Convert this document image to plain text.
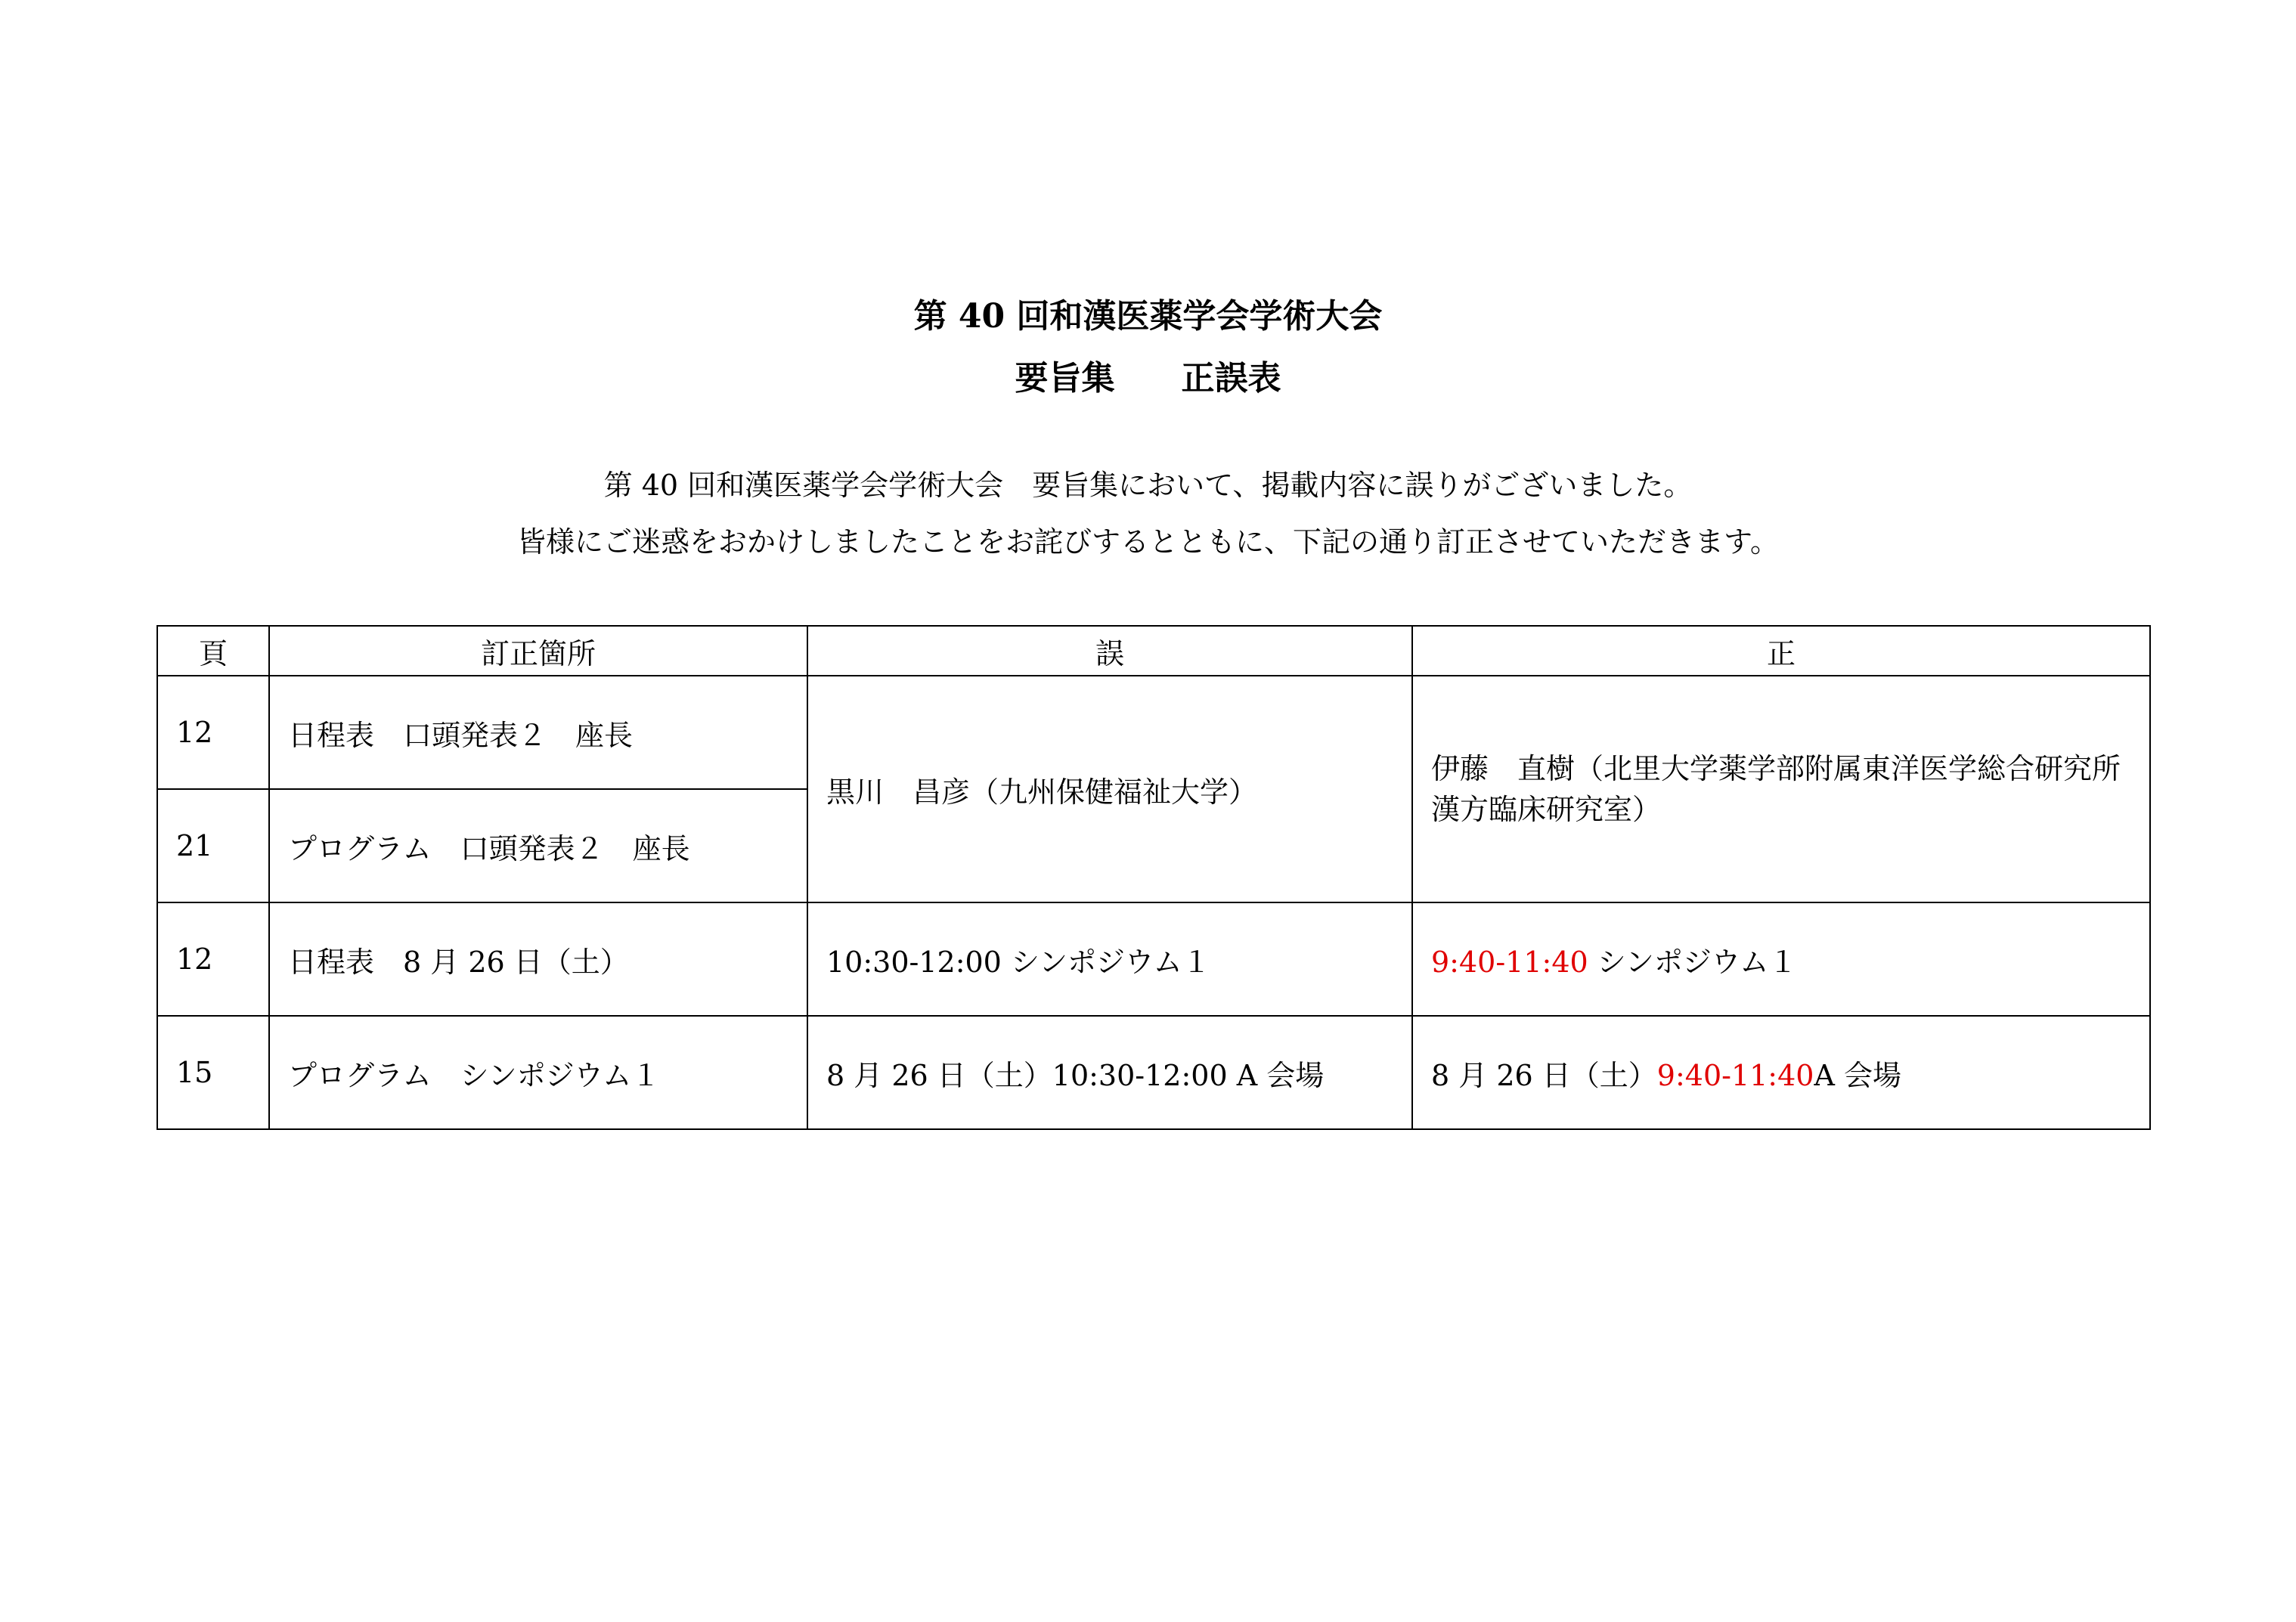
第 40 回和漢医薬学会学術大会
要旨集　　正誤表
第 40 回和漢医薬学会学術大会　要旨集において、掲載内容に誤りがございました。
皆様にご迷惑をおかけしましたことをお詫びするとともに、下記の通り訂正させていただきます。
頁	訂正箇所	誤	正
12	日程表　口頭発表２　座長	黒川　昌彦（九州保健福祉大学）	伊藤　直樹（北里大学薬学部附属東洋医学総合研究所　漢方臨床研究室）
21	プログラム　口頭発表２　座長		
12	日程表　8 月 26 日（土）	10:30-12:00 シンポジウム１	9:40-11:40 シンポジウム１
15	プログラム　シンポジウム１	8 月 26 日（土）10:30-12:00 A 会場	8 月 26 日（土）9:40-11:40A 会場
